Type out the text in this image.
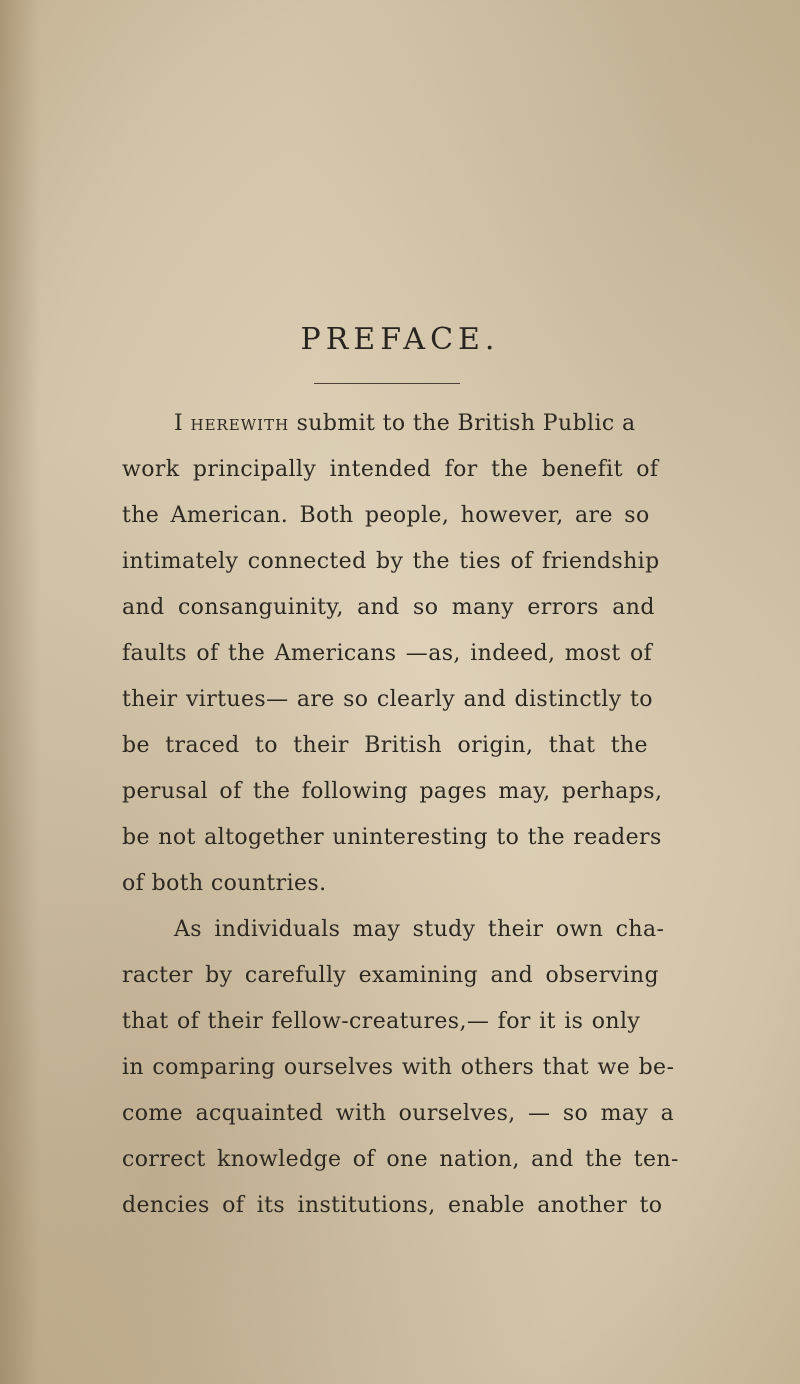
PREFACE.
I herewith submit to the British Public a
work principally intended for the benefit of
the American. Both people, however, are so
intimately connected by the ties of friendship
and consanguinity, and so many errors and
faults of the Americans —as, indeed, most of
their virtues— are so clearly and distinctly to
be traced to their British origin, that the
perusal of the following pages may, perhaps,
be not altogether uninteresting to the readers
of both countries.
As individuals may study their own cha-
racter by carefully examining and observing
that of their fellow-creatures,— for it is only
in comparing ourselves with others that we be-
come acquainted with ourselves, — so may a
correct knowledge of one nation, and the ten-
dencies of its institutions, enable another to
